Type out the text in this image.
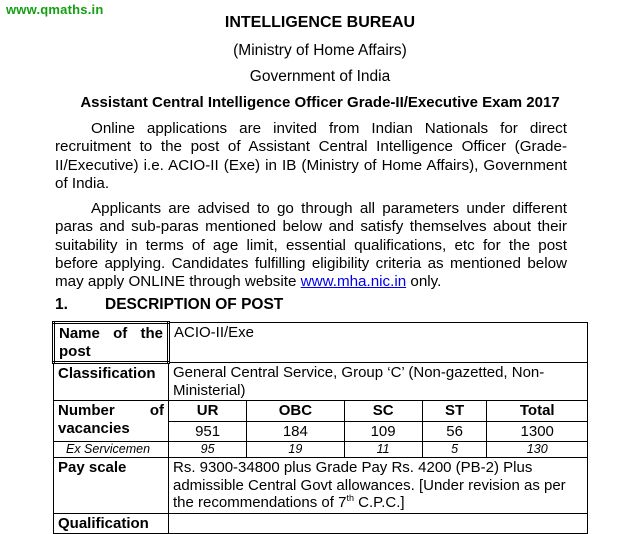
www.qmaths.in
INTELLIGENCE BUREAU
(Ministry of Home Affairs)
Government of India
Assistant Central Intelligence Officer Grade-II/Executive Exam 2017
Online applications are invited from Indian Nationals for direct recruitment to the post of Assistant Central Intelligence Officer (Grade-II/Executive) i.e. ACIO-II (Exe) in IB (Ministry of Home Affairs), Government of India.
Applicants are advised to go through all parameters under different paras and sub-paras mentioned below and satisfy themselves about their suitability in terms of age limit, essential qualifications, etc for the post before applying. Candidates fulfilling eligibility criteria as mentioned below may apply ONLINE through website www.mha.nic.in only.
1. DESCRIPTION OF POST
Name of the
post	ACIO-II/Exe				
Classification	General Central Service, Group ‘C’ (Non-gazetted, Non-Ministerial)				

Number of
vacancies	UR	OBC	SC	ST	Total
	951	184	109	56	1300
Ex Servicemen	95	19	11	5	130
Pay scale	Rs. 9300-34800 plus Grade Pay Rs. 4200 (PB-2) Plus admissible Central Govt allowances. [Under revision as per the recommendations of 7th C.P.C.]				
Qualification					
